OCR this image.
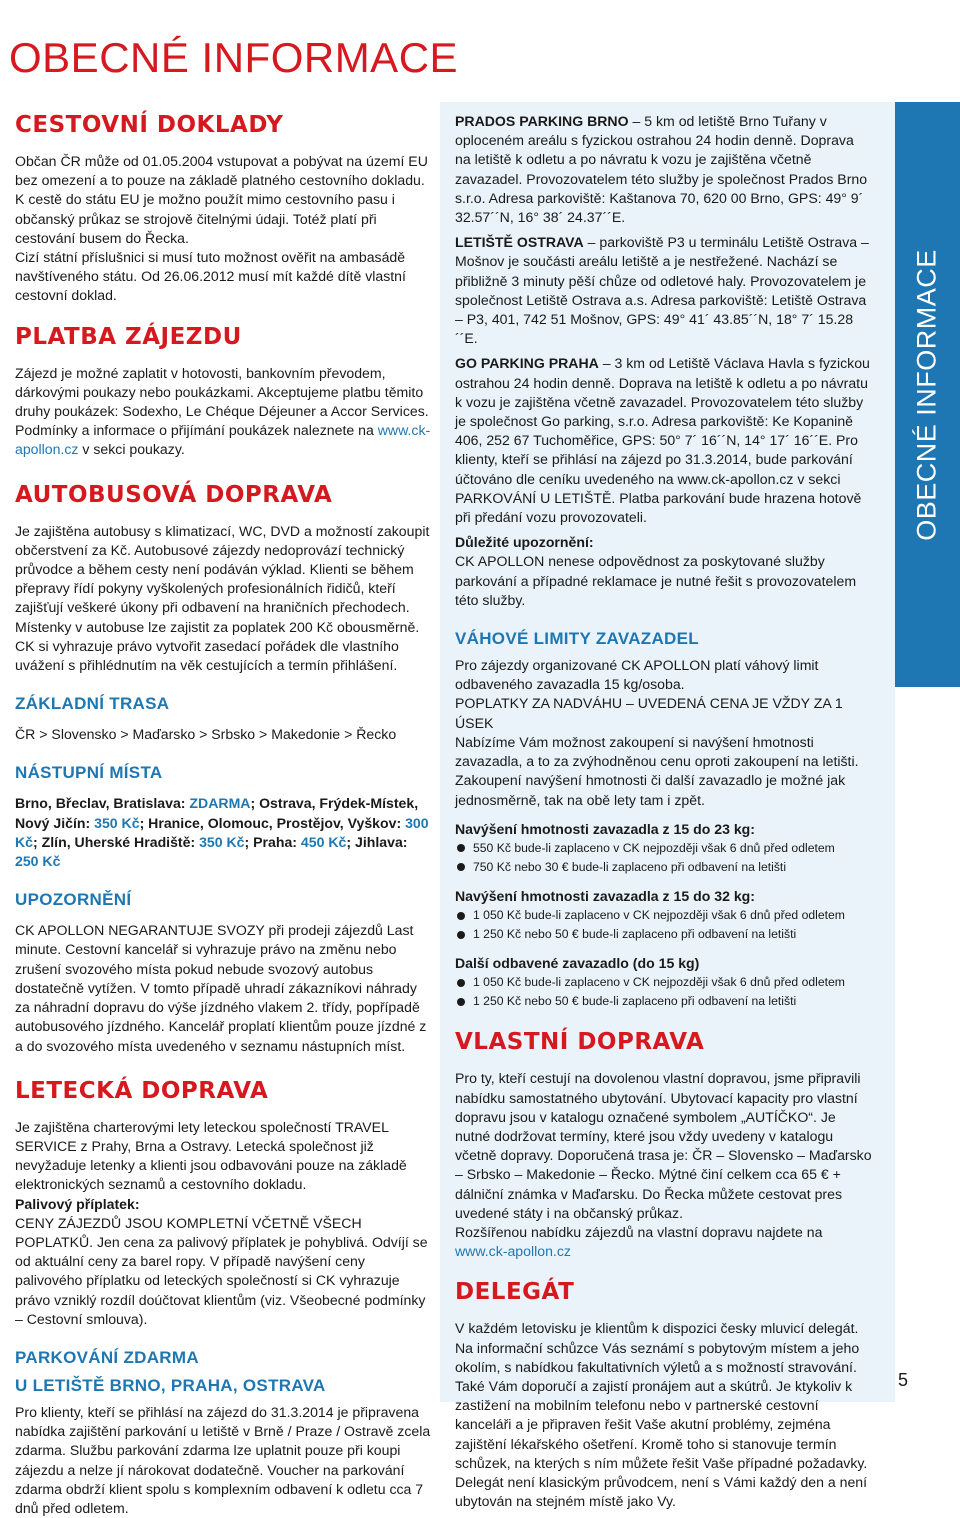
OBECNÉ INFORMACE
OBECNÉ INFORMACE
CESTOVNÍ DOKLADY

Občan ČR může od 01.05.2004 vstupovat a pobývat na území EU bez omezení a to pouze na základě platného cestovního dokladu. K cestě do státu EU je možno použít mimo cestovního pasu i občanský průkaz se strojově čitelnými údaji. Totéž platí při cestování busem do Řecka.

Cizí státní příslušnici si musí tuto možnost ověřit na ambasádě navštíveného státu. Od 26.06.2012 musí mít každé dítě vlastní cestovní doklad.

PLATBA ZÁJEZDU

Zájezd je možné zaplatit v hotovosti, bankovním převodem, dárkovými poukazy nebo poukázkami. Akceptujeme platbu těmito druhy poukázek: Sodexho, Le Chéque Déjeuner a Accor Services. Podmínky a informace o přijímání poukázek naleznete na www.ck-apollon.cz v sekci poukazy.

AUTOBUSOVÁ DOPRAVA

Je zajištěna autobusy s klimatizací, WC, DVD a možností zakoupit občerstvení za Kč. Autobusové zájezdy nedoprovází technický průvodce a během cesty není podáván výklad. Klienti se během přepravy řídí pokyny vyškolených profesionálních řidičů, kteří zajišťují veškeré úkony při odbavení na hraničních přechodech. Místenky v autobuse lze zajistit za poplatek 200 Kč obousměrně. CK si vyhrazuje právo vytvořit zasedací pořádek dle vlastního uvážení s přihlédnutím na věk cestujících a termín přihlášení.

ZÁKLADNÍ TRASA

ČR > Slovensko > Maďarsko > Srbsko > Makedonie > Řecko

NÁSTUPNÍ MÍSTA

Brno, Břeclav, Bratislava: ZDARMA; Ostrava, Frýdek-Místek, Nový Jičín: 350 Kč; Hranice, Olomouc, Prostějov, Vyškov: 300 Kč; Zlín, Uherské Hradiště: 350 Kč; Praha: 450 Kč; Jihlava: 250 Kč

UPOZORNĚNÍ

CK APOLLON NEGARANTUJE SVOZY při prodeji zájezdů Last minute. Cestovní kancelář si vyhrazuje právo na změnu nebo zrušení svozového místa pokud nebude svozový autobus dostatečně vytížen. V tomto případě uhradí zákazníkovi náhrady za náhradní dopravu do výše jízdného vlakem 2. třídy, popřípadě autobusového jízdného. Kancelář proplatí klientům pouze jízdné z a do svozového místa uvedeného v seznamu nástupních míst.

LETECKÁ DOPRAVA

Je zajištěna charterovými lety leteckou společností TRAVEL SERVICE z Prahy, Brna a Ostravy. Letecká společnost již nevyžaduje letenky a klienti jsou odbavováni pouze na základě elektronických seznamů a cestovního dokladu.

Palivový příplatek:

CENY ZÁJEZDŮ JSOU KOMPLETNÍ VČETNĚ VŠECH POPLATKŮ. Jen cena za palivový příplatek je pohyblivá. Odvíjí se od aktuální ceny za barel ropy. V případě navýšení ceny palivového příplatku od leteckých společností si CK vyhrazuje právo vzniklý rozdíl doúčtovat klientům (viz. Všeobecné podmínky – Cestovní smlouva).

PARKOVÁNÍ ZDARMA
U LETIŠTĚ BRNO, PRAHA, OSTRAVA

Pro klienty, kteří se přihlásí na zájezd do 31.3.2014 je připravena nabídka zajištění parkování u letiště v Brně / Praze / Ostravě zcela zdarma. Službu parkování zdarma lze uplatnit pouze při koupi zájezdu a nelze jí nárokovat dodatečně. Voucher na parkování zdarma obdrží klient spolu s komplexním odbavení k odletu cca 7 dnů před odletem.

PRADOS PARKING BRNO – 5 km od letiště Brno Tuřany v oploceném areálu s fyzickou ostrahou 24 hodin denně. Doprava na letiště k odletu a po návratu k vozu je zajištěna včetně zavazadel. Provozovatelem této služby je společnost Prados Brno s.r.o. Adresa parkoviště: Kaštanova 70, 620 00 Brno, GPS: 49° 9´ 32.57´´N, 16° 38´ 24.37´´E.

LETIŠTĚ OSTRAVA – parkoviště P3 u terminálu Letiště Ostrava – Mošnov je součásti areálu letiště a je nestřežené. Nachází se přibližně 3 minuty pěší chůze od odletové haly. Provozovatelem je společnost Letiště Ostrava a.s. Adresa parkoviště: Letiště Ostrava – P3, 401, 742 51 Mošnov, GPS: 49° 41´ 43.85´´N, 18° 7´ 15.28´´E.

GO PARKING PRAHA – 3 km od Letiště Václava Havla s fyzickou ostrahou 24 hodin denně. Doprava na letiště k odletu a po návratu k vozu je zajištěna včetně zavazadel. Provozovatelem této služby je společnost Go parking, s.r.o. Adresa parkoviště: Ke Kopanině 406, 252 67 Tuchoměřice, GPS: 50° 7´ 16´´N, 14° 17´ 16´´E. Pro klienty, kteří se přihlásí na zájezd po 31.3.2014, bude parkování účtováno dle ceníku uvedeného na www.ck-apollon.cz v sekci PARKOVÁNÍ U LETIŠTĚ. Platba parkování bude hrazena hotově při předání vozu provozovateli.

Důležité upozornění:

CK APOLLON nenese odpovědnost za poskytované služby parkování a případné reklamace je nutné řešit s provozovatelem této služby.

VÁHOVÉ LIMITY ZAVAZADEL

Pro zájezdy organizované CK APOLLON platí váhový limit odbaveného zavazadla 15 kg/osoba.

POPLATKY ZA NADVÁHU – UVEDENÁ CENA JE VŽDY ZA 1 ÚSEK

Nabízíme Vám možnost zakoupení si navýšení hmotnosti zavazadla, a to za zvýhodněnou cenu oproti zakoupení na letišti. Zakoupení navýšení hmotnosti či další zavazadlo je možné jak jednosměrně, tak na obě lety tam i zpět.

Navýšení hmotnosti zavazadla z 15 do 23 kg:

550 Kč bude-li zaplaceno v CK nejpozději však 6 dnů před odletem
750 Kč nebo 30 € bude-li zaplaceno při odbavení na letišti

Navýšení hmotnosti zavazadla z 15 do 32 kg:

1 050 Kč bude-li zaplaceno v CK nejpozději však 6 dnů před odletem
1 250 Kč nebo 50 € bude-li zaplaceno při odbavení na letišti

Další odbavené zavazadlo (do 15 kg)

1 050 Kč bude-li zaplaceno v CK nejpozději však 6 dnů před odletem
1 250 Kč nebo 50 € bude-li zaplaceno při odbavení na letišti
VLASTNÍ DOPRAVA

Pro ty, kteří cestují na dovolenou vlastní dopravou, jsme připravili nabídku samostatného ubytování. Ubytovací kapacity pro vlastní dopravu jsou v katalogu označené symbolem „AUTÍČKO“. Je nutné dodržovat termíny, které jsou vždy uvedeny v katalogu včetně dopravy. Doporučená trasa je: ČR – Slovensko – Maďarsko – Srbsko – Makedonie – Řecko. Mýtné činí celkem cca 65 € + dálniční známka v Maďarsku. Do Řecka můžete cestovat pres uvedené státy i na občanský průkaz.

Rozšířenou nabídku zájezdů na vlastní dopravu najdete na

www.ck-apollon.cz

DELEGÁT

V každém letovisku je klientům k dispozici česky mluvicí delegát. Na informační schůzce Vás seznámí s pobytovým místem a jeho okolím, s nabídkou fakultativních výletů a s možností stravování. Také Vám doporučí a zajistí pronájem aut a skútrů. Je ktykoliv k zastižení na mobilním telefonu nebo v partnerské cestovní kanceláři a je připraven řešit Vaše akutní problémy, zejména zajištění lékařského ošetření. Kromě toho si stanovuje termín schůzek, na kterých s ním můžete řešit Vaše případné požadavky. Delegát není klasickým průvodcem, není s Vámi každý den a není ubytován na stejném místě jako Vy.

5
